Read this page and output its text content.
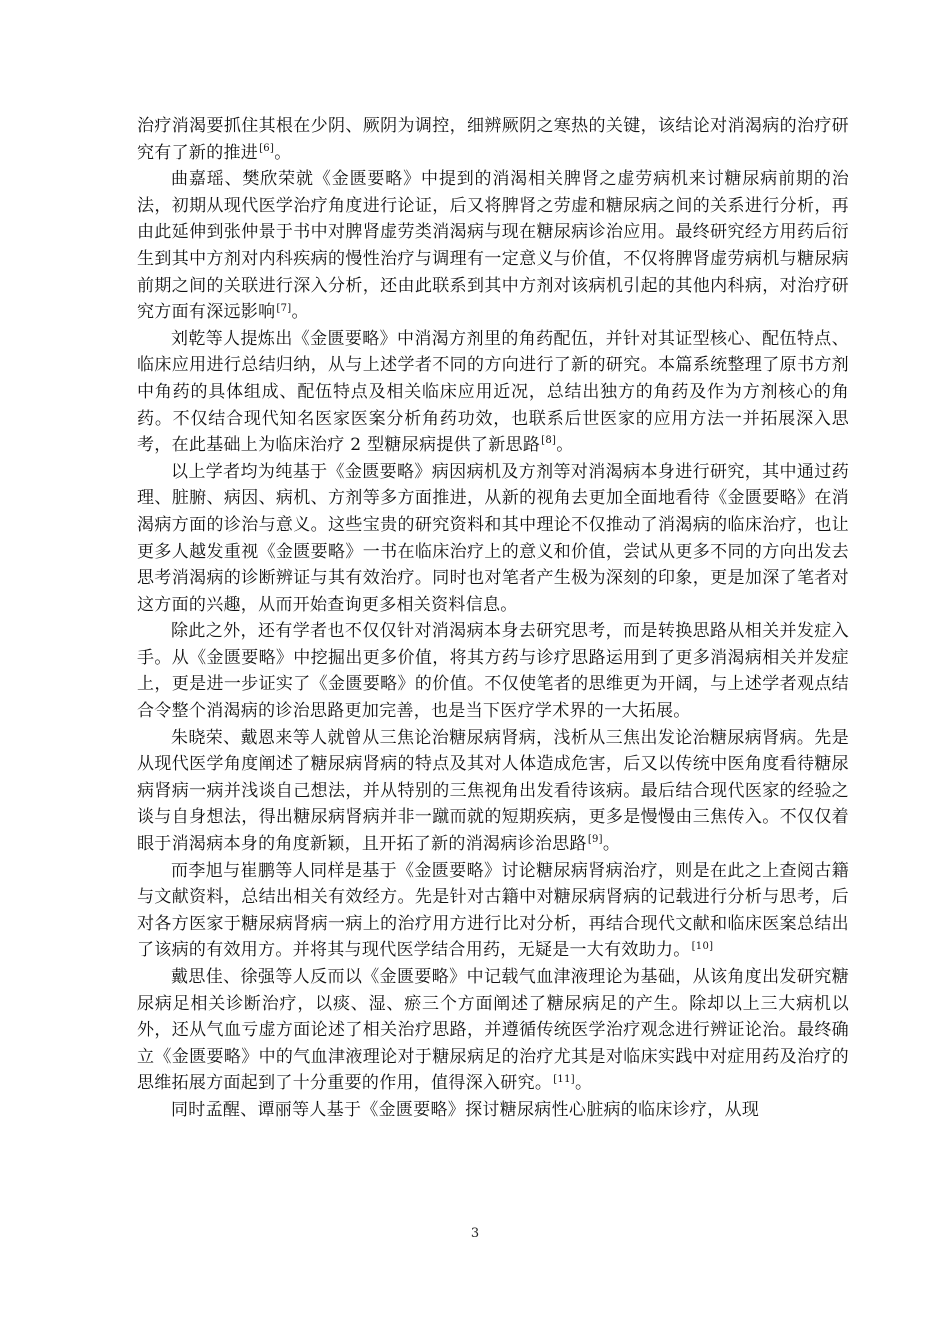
治疗消渴要抓住其根在少阴、厥阴为调控，细辨厥阴之寒热的关键，该结论对消渴病的治疗研究有了新的推进[6]。

曲嘉瑶、樊欣荣就《金匮要略》中提到的消渴相关脾肾之虚劳病机来讨糖尿病前期的治法，初期从现代医学治疗角度进行论证，后又将脾肾之劳虚和糖尿病之间的关系进行分析，再由此延伸到张仲景于书中对脾肾虚劳类消渴病与现在糖尿病诊治应用。最终研究经方用药后衍生到其中方剂对内科疾病的慢性治疗与调理有一定意义与价值，不仅将脾肾虚劳病机与糖尿病前期之间的关联进行深入分析，还由此联系到其中方剂对该病机引起的其他内科病，对治疗研究方面有深远影响[7]。

刘乾等人提炼出《金匮要略》中消渴方剂里的角药配伍，并针对其证型核心、配伍特点、临床应用进行总结归纳，从与上述学者不同的方向进行了新的研究。本篇系统整理了原书方剂中角药的具体组成、配伍特点及相关临床应用近况，总结出独方的角药及作为方剂核心的角药。不仅结合现代知名医家医案分析角药功效，也联系后世医家的应用方法一并拓展深入思考，在此基础上为临床治疗 2 型糖尿病提供了新思路[8]。

以上学者均为纯基于《金匮要略》病因病机及方剂等对消渴病本身进行研究，其中通过药理、脏腑、病因、病机、方剂等多方面推进，从新的视角去更加全面地看待《金匮要略》在消渴病方面的诊治与意义。这些宝贵的研究资料和其中理论不仅推动了消渴病的临床治疗，也让更多人越发重视《金匮要略》一书在临床治疗上的意义和价值，尝试从更多不同的方向出发去思考消渴病的诊断辨证与其有效治疗。同时也对笔者产生极为深刻的印象，更是加深了笔者对这方面的兴趣，从而开始查询更多相关资料信息。

除此之外，还有学者也不仅仅针对消渴病本身去研究思考，而是转换思路从相关并发症入手。从《金匮要略》中挖掘出更多价值，将其方药与诊疗思路运用到了更多消渴病相关并发症上，更是进一步证实了《金匮要略》的价值。不仅使笔者的思维更为开阔，与上述学者观点结合令整个消渴病的诊治思路更加完善，也是当下医疗学术界的一大拓展。

朱晓荣、戴恩来等人就曾从三焦论治糖尿病肾病，浅析从三焦出发论治糖尿病肾病。先是从现代医学角度阐述了糖尿病肾病的特点及其对人体造成危害，后又以传统中医角度看待糖尿病肾病一病并浅谈自己想法，并从特别的三焦视角出发看待该病。最后结合现代医家的经验之谈与自身想法，得出糖尿病肾病并非一蹴而就的短期疾病，更多是慢慢由三焦传入。不仅仅着眼于消渴病本身的角度新颖，且开拓了新的消渴病诊治思路[9]。

而李旭与崔鹏等人同样是基于《金匮要略》讨论糖尿病肾病治疗，则是在此之上查阅古籍与文献资料，总结出相关有效经方。先是针对古籍中对糖尿病肾病的记载进行分析与思考，后对各方医家于糖尿病肾病一病上的治疗用方进行比对分析，再结合现代文献和临床医案总结出了该病的有效用方。并将其与现代医学结合用药，无疑是一大有效助力。[10]

戴思佳、徐强等人反而以《金匮要略》中记载气血津液理论为基础，从该角度出发研究糖尿病足相关诊断治疗，以痰、湿、瘀三个方面阐述了糖尿病足的产生。除却以上三大病机以外，还从气血亏虚方面论述了相关治疗思路，并遵循传统医学治疗观念进行辨证论治。最终确立《金匮要略》中的气血津液理论对于糖尿病足的治疗尤其是对临床实践中对症用药及治疗的思维拓展方面起到了十分重要的作用，值得深入研究。[11]。

同时孟醒、谭丽等人基于《金匮要略》探讨糖尿病性心脏病的临床诊疗，从现

3
